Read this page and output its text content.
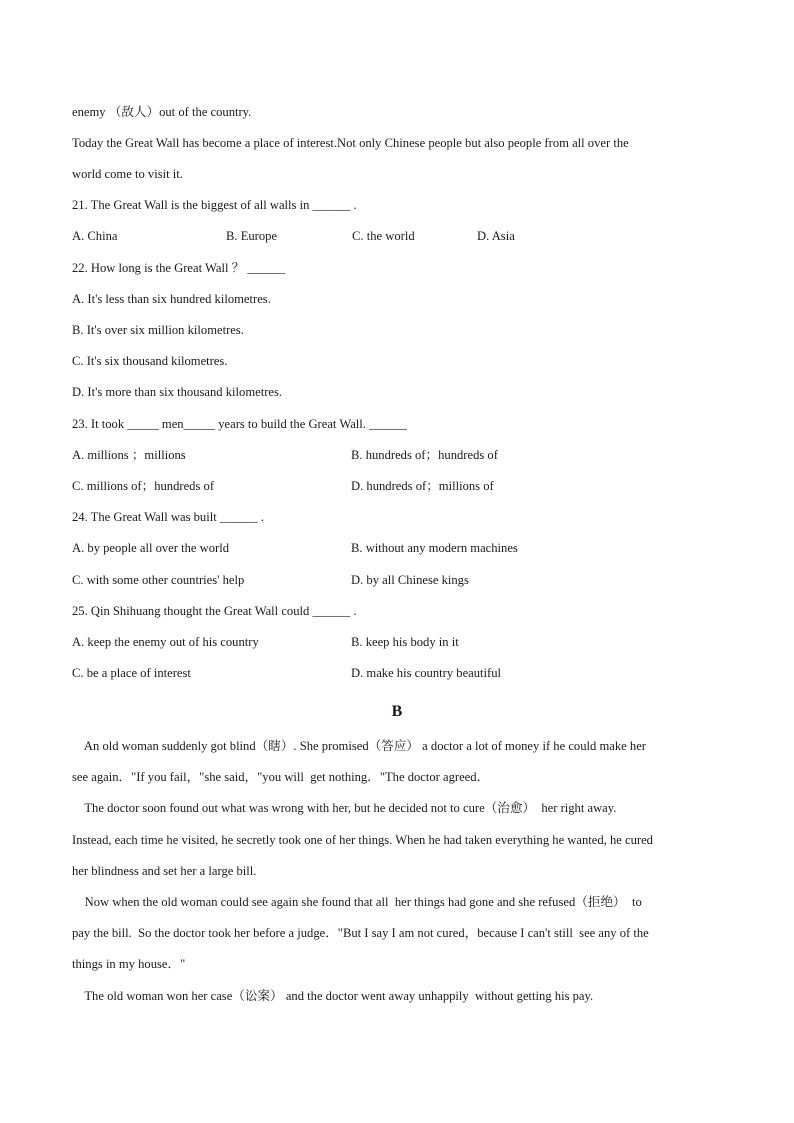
enemy （敌人）out of the country.
Today the Great Wall has become a place of interest.Not only Chinese people but also people from all over the
world come to visit it.
21. The Great Wall is the biggest of all walls in ______ .
A. China	B. Europe	C. the world	D. Asia
22. How long is the Great Wall ？ ______
A. It's less than six hundred kilometres.
B. It's over six million kilometres.
C. It's six thousand kilometres.
D. It's more than six thousand kilometres.
23. It took _____ men_____ years to build the Great Wall. ______
A. millions ；millions	B. hundreds of；hundreds of
C. millions of；hundreds of	D. hundreds of；millions of
24. The Great Wall was built ______ .
A. by people all over the world	B. without any modern machines
C. with some other countries' help	D. by all Chinese kings
25. Qin Shihuang thought the Great Wall could ______ .
A. keep the enemy out of his country	B. keep his body in it
C. be a place of interest	D. make his country beautiful
B
An old woman suddenly got blind（瞎）. She promised（答应） a doctor a lot of money if he could make her
see again．"If you fail，"she said，"you will  get nothing．"The doctor agreed．
The doctor soon found out what was wrong with her, but he decided not to cure（治愈）  her right away.
Instead, each time he visited, he secretly took one of her things. When he had taken everything he wanted, he cured
her blindness and set her a large bill.
Now when the old woman could see again she found that all  her things had gone and she refused（拒绝）  to
pay the bill.  So the doctor took her before a judge．"But I say I am not cured，because I can't still  see any of the
things in my house．"
The old woman won her case（讼案） and the doctor went away unhappily  without getting his pay.
